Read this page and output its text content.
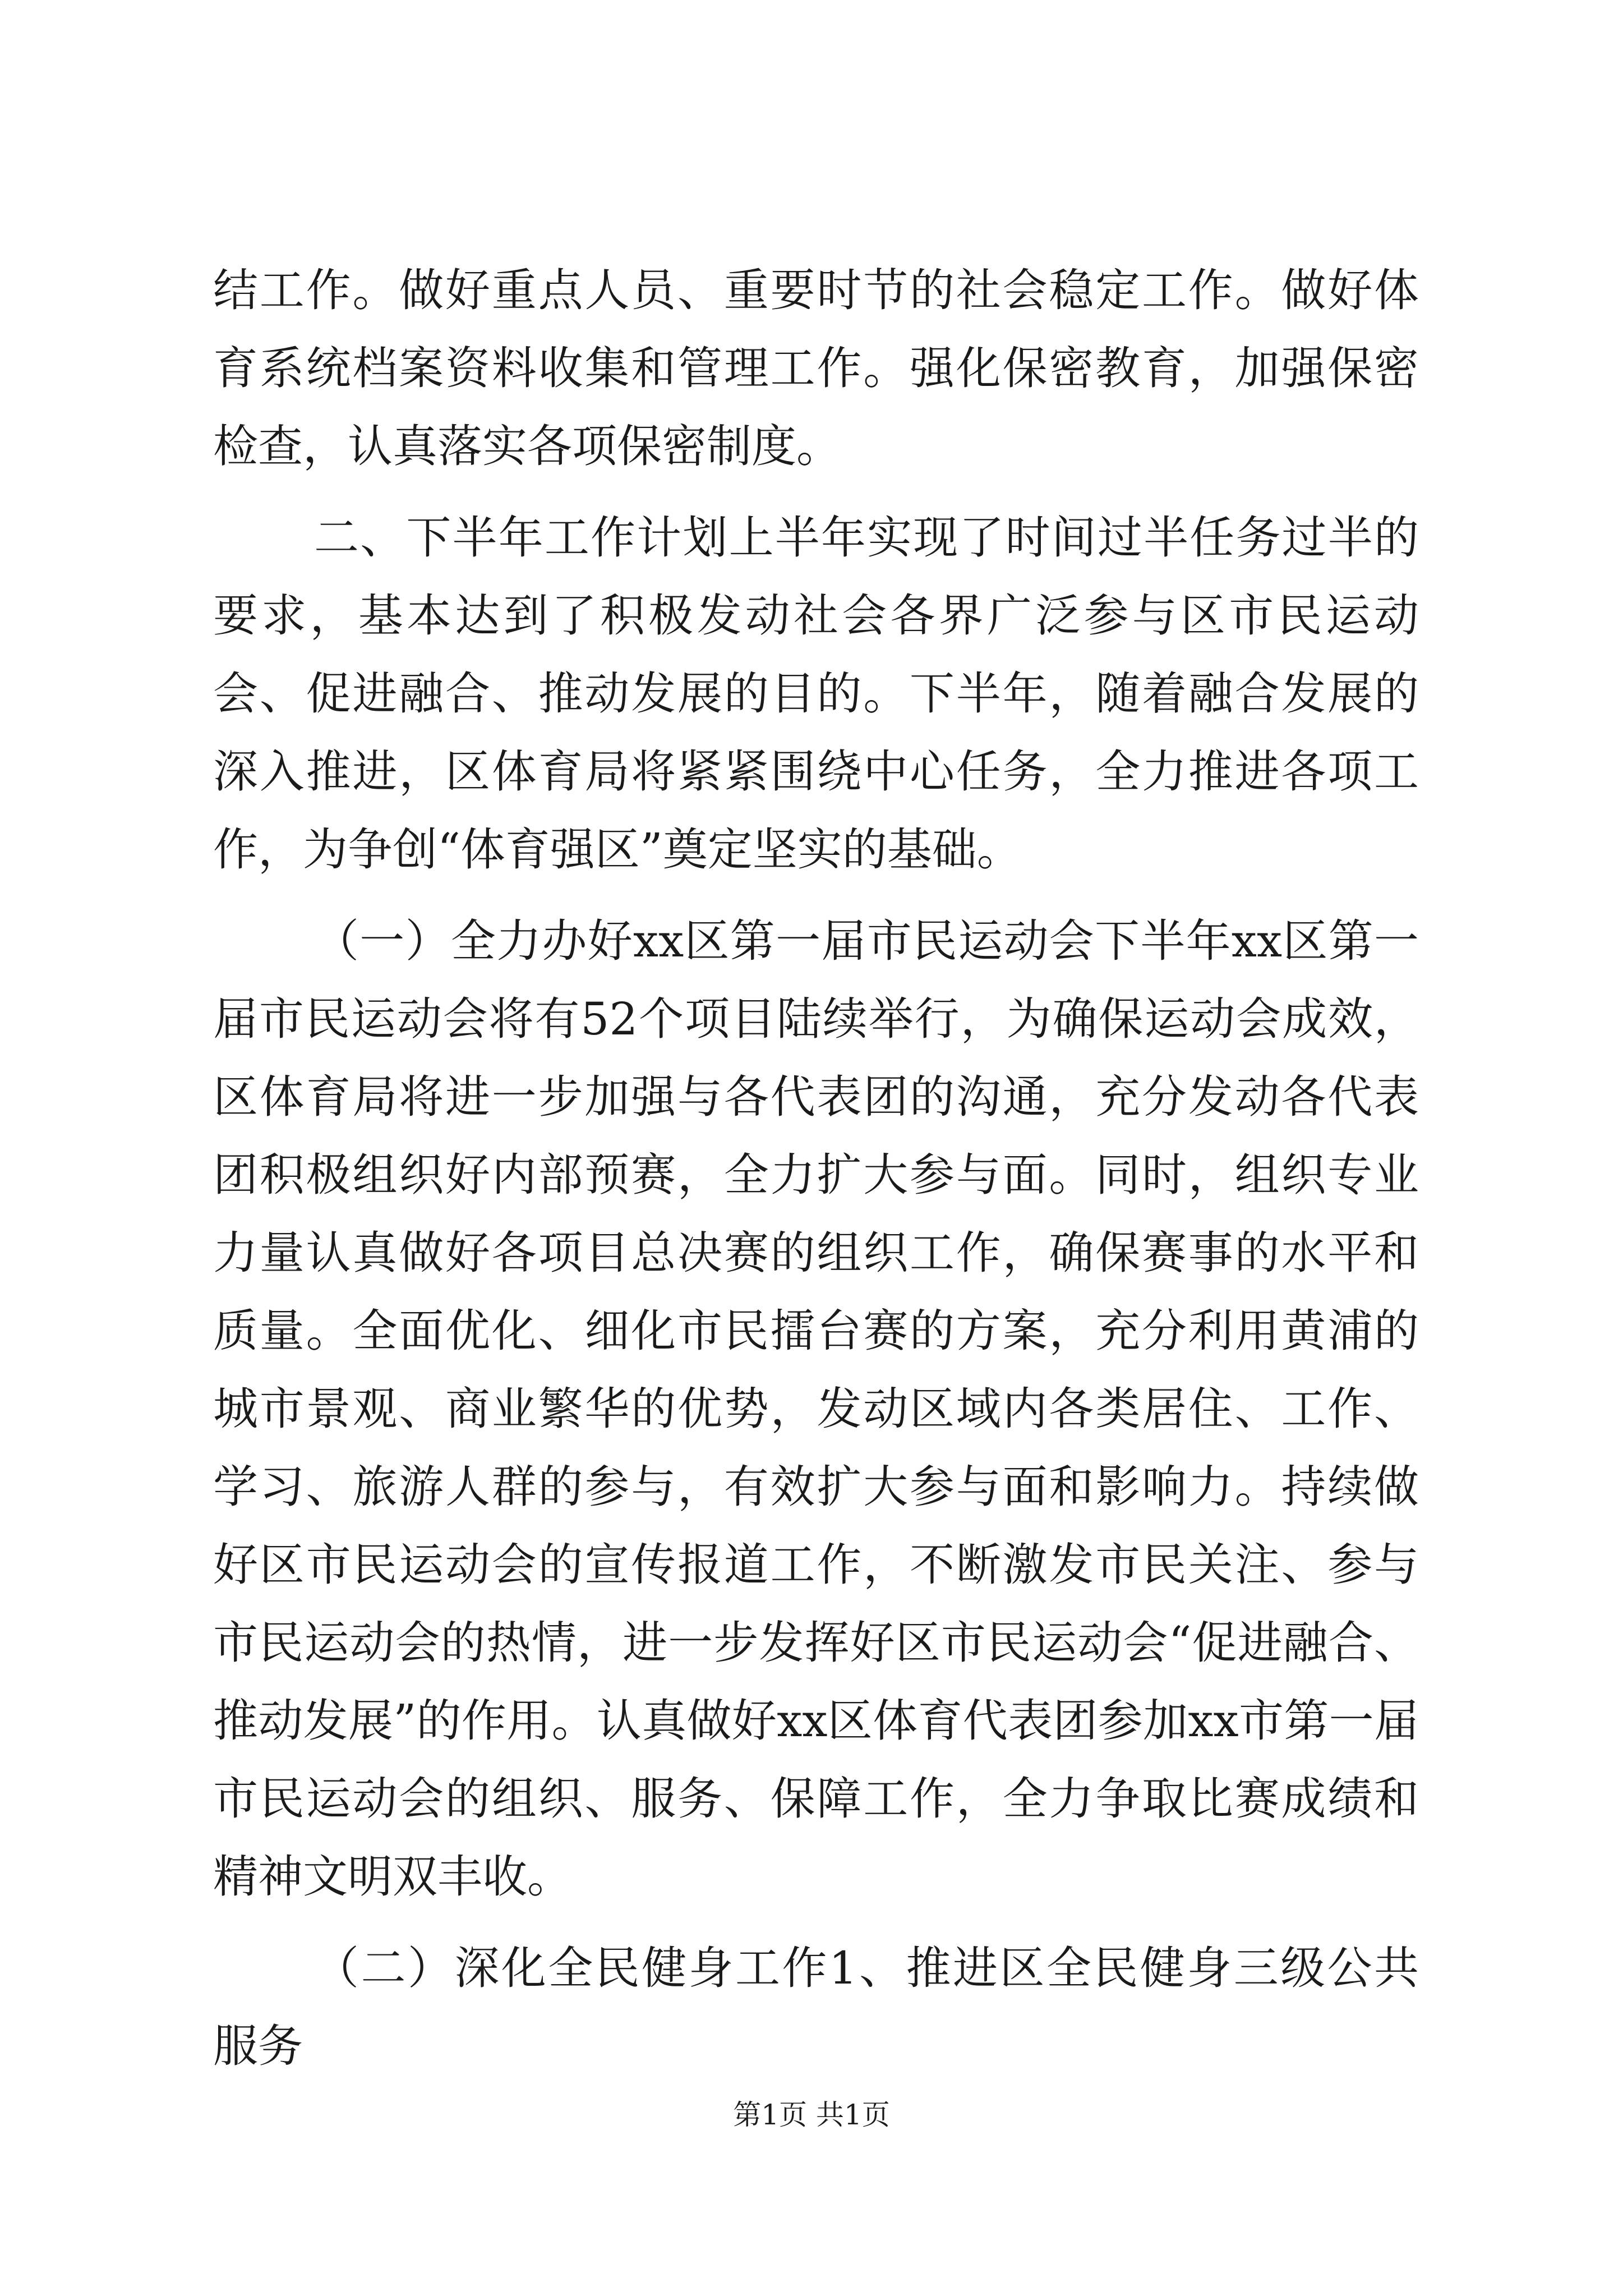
结工作。做好重点人员、重要时节的社会稳定工作。做好体育系统档案资料收集和管理工作。强化保密教育，加强保密检查，认真落实各项保密制度。

二、下半年工作计划上半年实现了时间过半任务过半的要求，基本达到了积极发动社会各界广泛参与区市民运动会、促进融合、推动发展的目的。下半年，随着融合发展的深入推进，区体育局将紧紧围绕中心任务，全力推进各项工作，为争创“体育强区”奠定坚实的基础。

（一）全力办好xx区第一届市民运动会下半年xx区第一届市民运动会将有52个项目陆续举行，为确保运动会成效，区体育局将进一步加强与各代表团的沟通，充分发动各代表团积极组织好内部预赛，全力扩大参与面。同时，组织专业力量认真做好各项目总决赛的组织工作，确保赛事的水平和质量。全面优化、细化市民擂台赛的方案，充分利用黄浦的城市景观、商业繁华的优势，发动区域内各类居住、工作、学习、旅游人群的参与，有效扩大参与面和影响力。持续做好区市民运动会的宣传报道工作，不断激发市民关注、参与市民运动会的热情，进一步发挥好区市民运动会“促进融合、推动发展”的作用。认真做好xx区体育代表团参加xx市第一届市民运动会的组织、服务、保障工作，全力争取比赛成绩和精神文明双丰收。

（二）深化全民健身工作1、推进区全民健身三级公共服务

第1页 共1页
